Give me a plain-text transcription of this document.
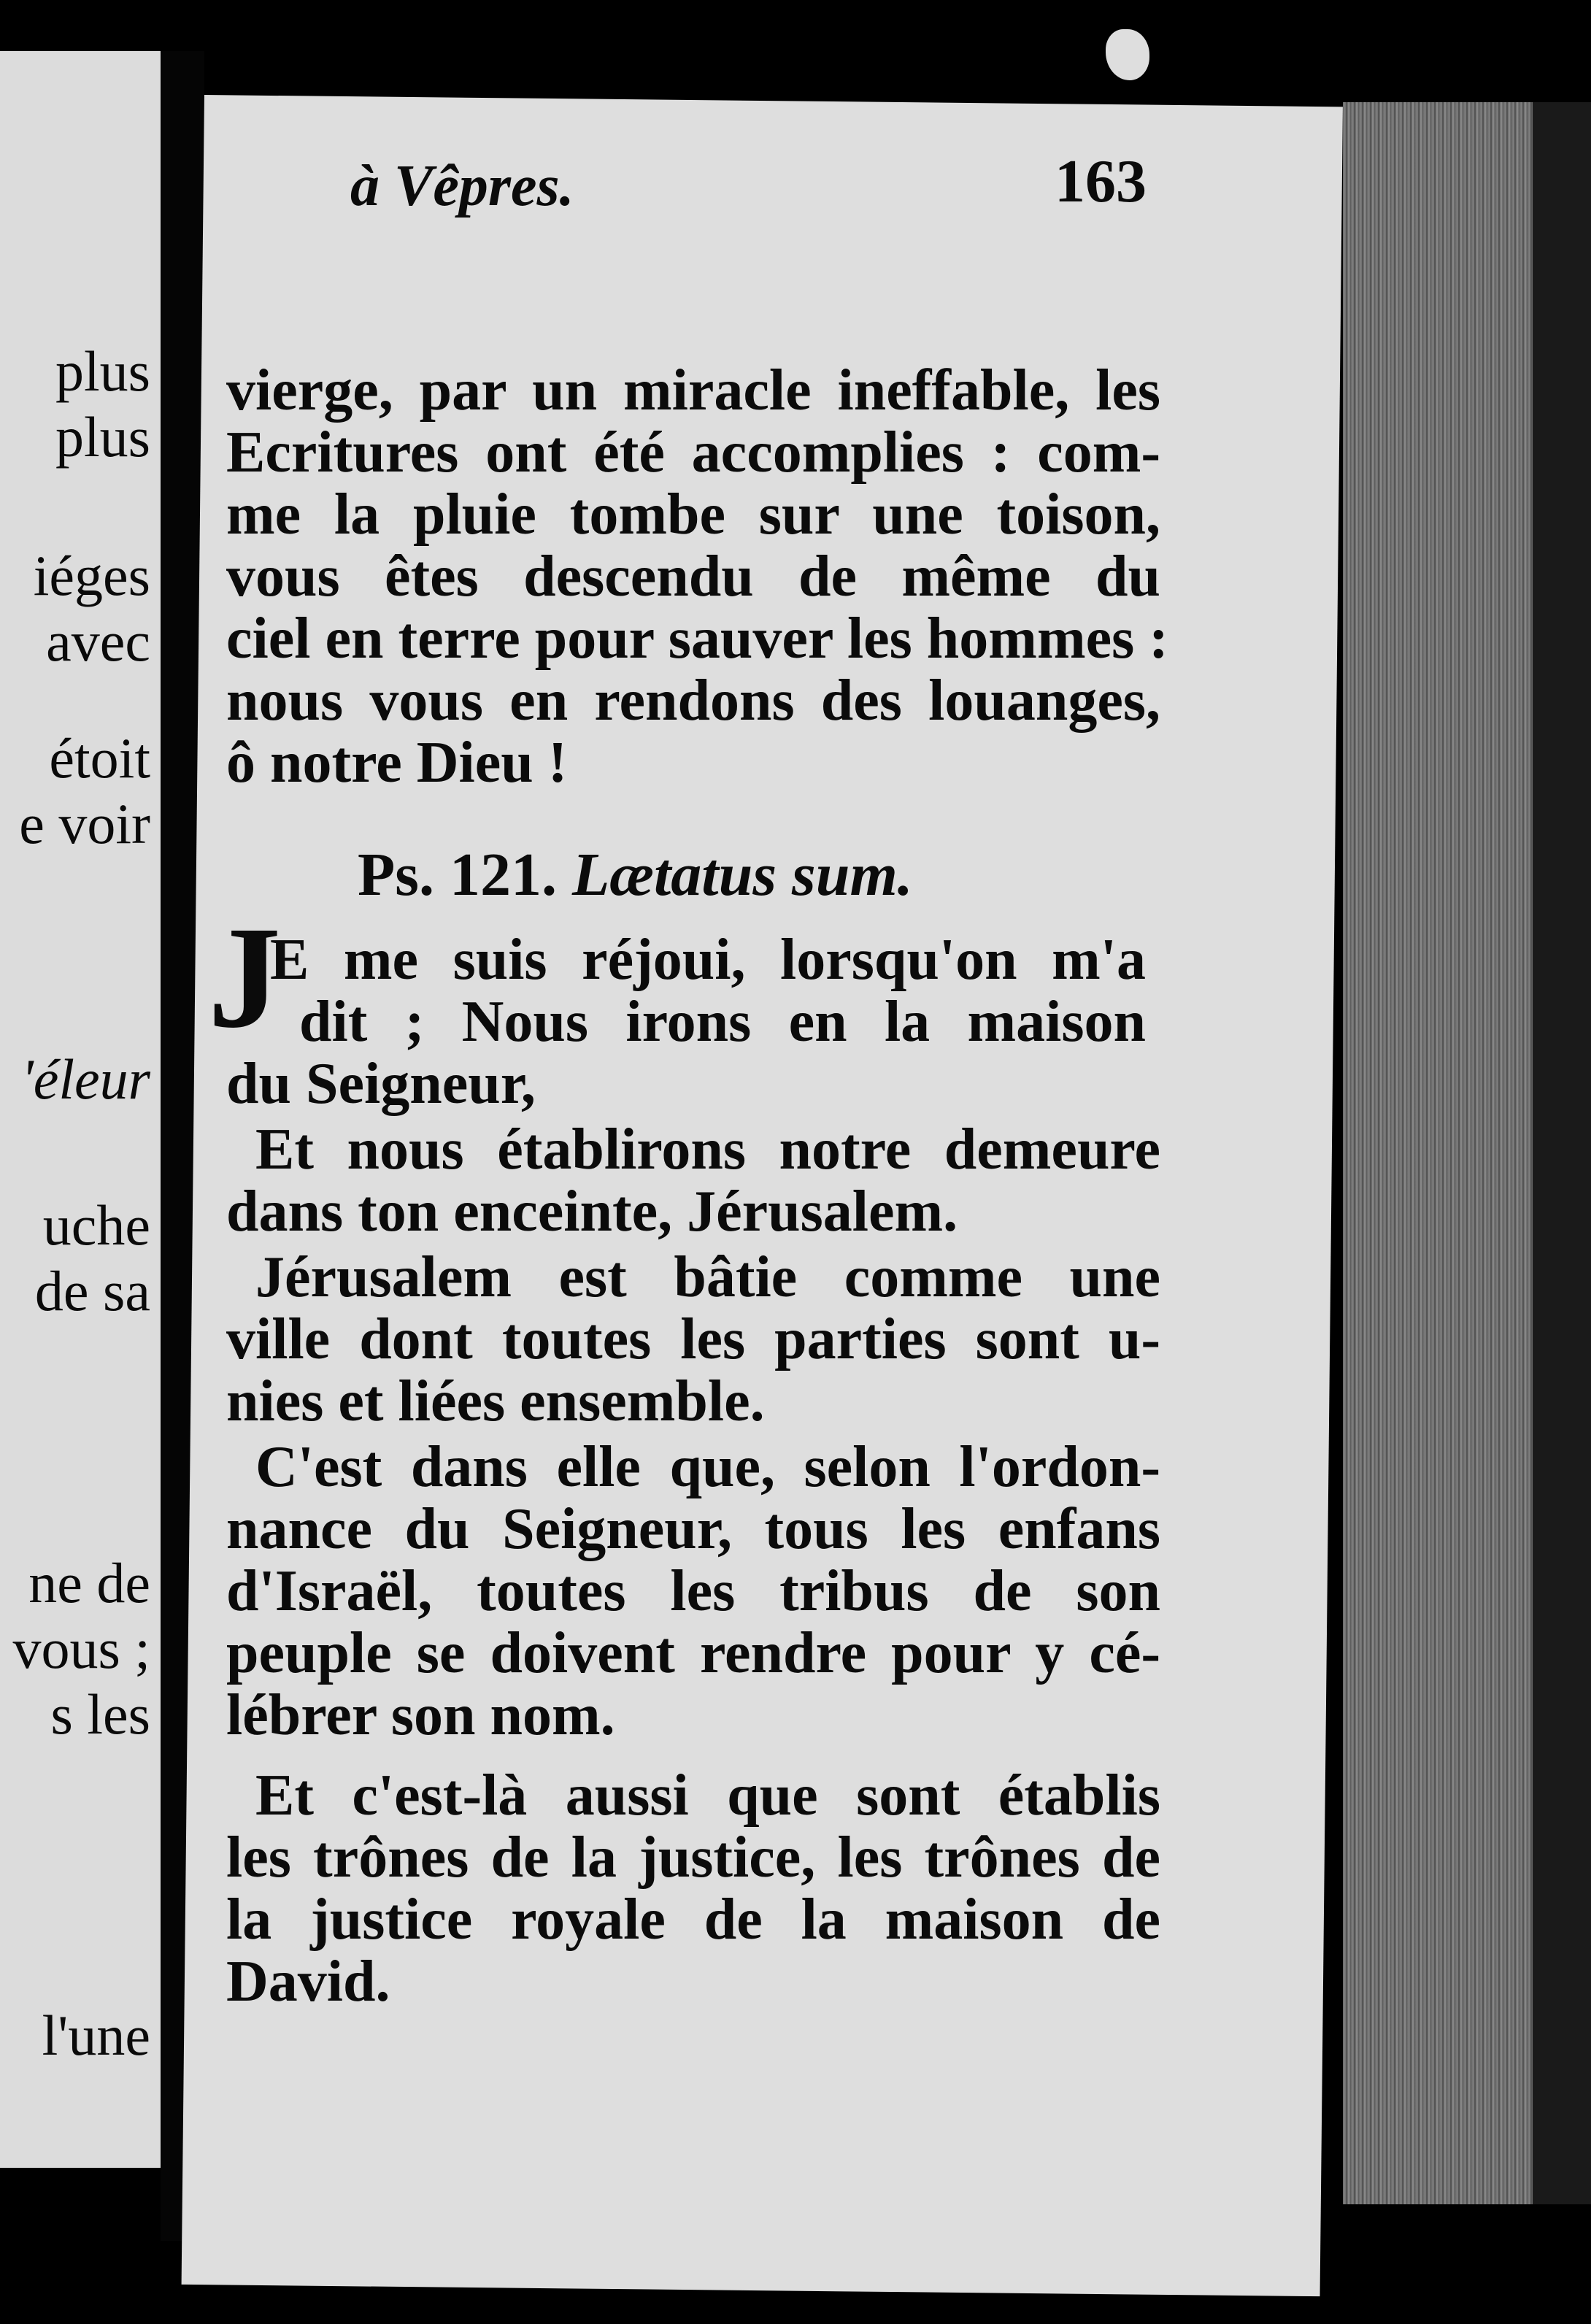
plus
plus
iéges
avec
étoit
e voir
'éleur
uche
de sa
ne de
vous ;
s les
l'une
à Vêpres.	163
vierge, par un miracle ineffable, les
Ecritures ont été accomplies : com-
me la pluie tombe sur une toison,
vous êtes descendu de même du
ciel en terre pour sauver les hommes :
nous vous en rendons des louanges,
ô notre Dieu !
Ps. 121. Lætatus sum.
J
E me suis réjoui, lorsqu'on m'a
dit ; Nous irons en la maison
du Seigneur,
Et nous établirons notre demeure
dans ton enceinte, Jérusalem.
Jérusalem est bâtie comme une
ville dont toutes les parties sont u-
nies et liées ensemble.
C'est dans elle que, selon l'ordon-
nance du Seigneur, tous les enfans
d'Israël, toutes les tribus de son
peuple se doivent rendre pour y cé-
lébrer son nom.
Et c'est-là aussi que sont établis
les trônes de la justice, les trônes de
la justice royale de la maison de
David.
